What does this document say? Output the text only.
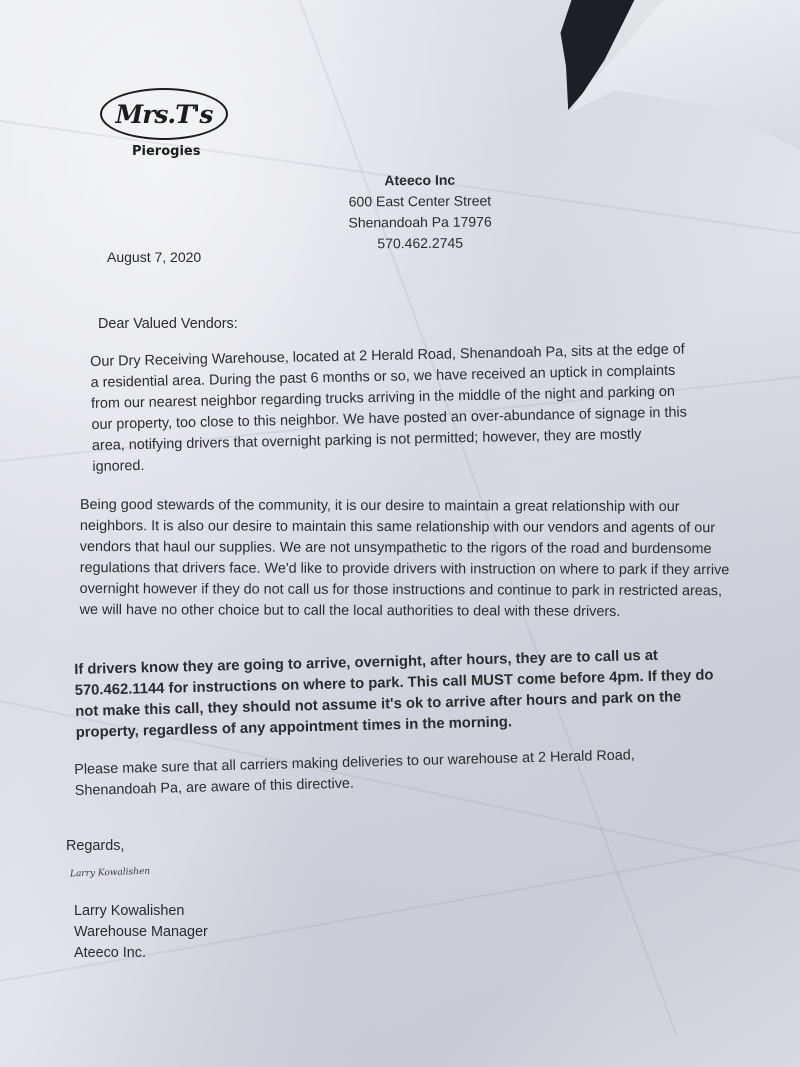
Mrs.T's
Pierogies
Ateeco Inc
600 East Center Street
Shenandoah Pa 17976
570.462.2745
August 7, 2020
Dear Valued Vendors:
Our Dry Receiving Warehouse, located at 2 Herald Road, Shenandoah Pa, sits at the edge of a residential area. During the past 6 months or so, we have received an uptick in complaints from our nearest neighbor regarding trucks arriving in the middle of the night and parking on our property, too close to this neighbor. We have posted an over-abundance of signage in this area, notifying drivers that overnight parking is not permitted; however, they are mostly ignored.
Being good stewards of the community, it is our desire to maintain a great relationship with our neighbors. It is also our desire to maintain this same relationship with our vendors and agents of our vendors that haul our supplies. We are not unsympathetic to the rigors of the road and burdensome regulations that drivers face. We'd like to provide drivers with instruction on where to park if they arrive overnight however if they do not call us for those instructions and continue to park in restricted areas, we will have no other choice but to call the local authorities to deal with these drivers.
If drivers know they are going to arrive, overnight, after hours, they are to call us at 570.462.1144 for instructions on where to park. This call MUST come before 4pm. If they do not make this call, they should not assume it's ok to arrive after hours and park on the property, regardless of any appointment times in the morning.
Please make sure that all carriers making deliveries to our warehouse at 2 Herald Road, Shenandoah Pa, are aware of this directive.
Regards,
Larry Kowalishen
Larry Kowalishen
Warehouse Manager
Ateeco Inc.
